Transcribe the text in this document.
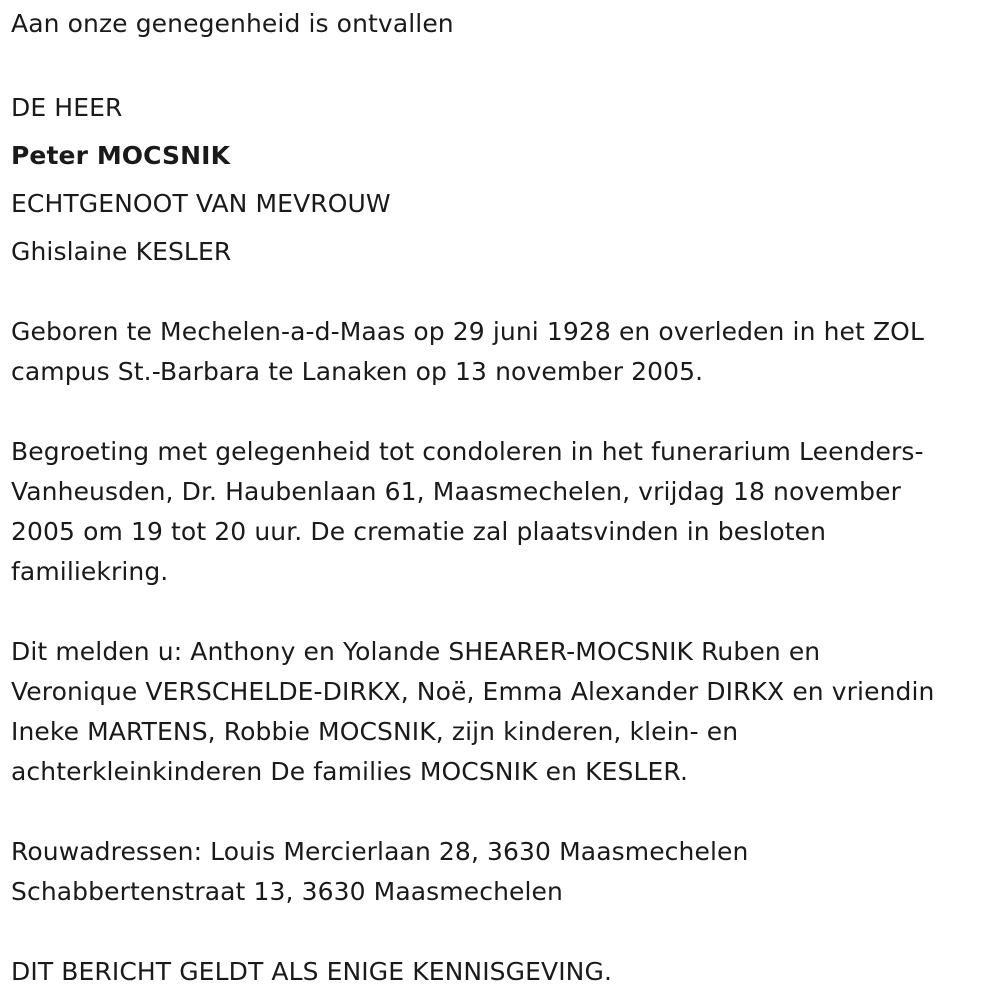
Aan onze genegenheid is ontvallen
DE HEER
Peter MOCSNIK
ECHTGENOOT VAN MEVROUW
Ghislaine KESLER
Geboren te Mechelen-a-d-Maas op 29 juni 1928 en overleden in het ZOL
campus St.-Barbara te Lanaken op 13 november 2005.
Begroeting met gelegenheid tot condoleren in het funerarium Leenders-
Vanheusden, Dr. Haubenlaan 61, Maasmechelen, vrijdag 18 november
2005 om 19 tot 20 uur. De crematie zal plaatsvinden in besloten
familiekring.
Dit melden u: Anthony en Yolande SHEARER-MOCSNIK Ruben en
Veronique VERSCHELDE-DIRKX, Noë, Emma Alexander DIRKX en vriendin
Ineke MARTENS, Robbie MOCSNIK, zijn kinderen, klein- en
achterkleinkinderen De families MOCSNIK en KESLER.
Rouwadressen: Louis Mercierlaan 28, 3630 Maasmechelen
Schabbertenstraat 13, 3630 Maasmechelen
DIT BERICHT GELDT ALS ENIGE KENNISGEVING.
